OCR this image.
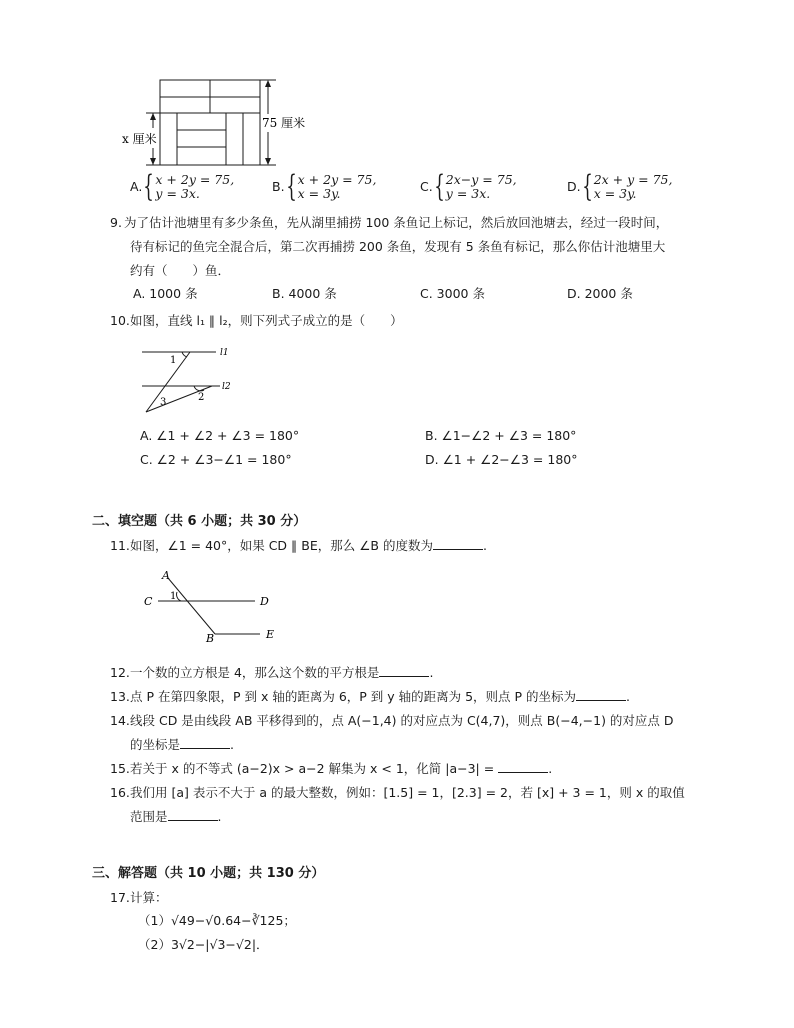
x 厘米
75 厘米
A. { x + 2y = 75,
y = 3x.	B. { x + 2y = 75,
x = 3y.	C. { 2x−y = 75,
y = 3x.	D. { 2x + y = 75,
x = 3y.
9. 为了估计池塘里有多少条鱼，先从湖里捕捞 100 条鱼记上标记，然后放回池塘去，经过一段时间，
待有标记的鱼完全混合后，第二次再捕捞 200 条鱼，发现有 5 条鱼有标记，那么你估计池塘里大
约有（　　）鱼．
A. 1000 条	B. 4000 条	C. 3000 条	D. 2000 条
10. 如图，直线 l₁ ∥ l₂，则下列式子成立的是（　　）
l1
l2
1
2
3
A. ∠1 + ∠2 + ∠3 = 180°	B. ∠1−∠2 + ∠3 = 180°
C. ∠2 + ∠3−∠1 = 180°	D. ∠1 + ∠2−∠3 = 180°
二、填空题（共 6 小题；共 30 分）
11. 如图，∠1 = 40°，如果 CD ∥ BE，那么 ∠B 的度数为	.
A
C	D
B	E
1
12. 一个数的立方根是 4，那么这个数的平方根是	.
13. 点 P 在第四象限，P 到 x 轴的距离为 6，P 到 y 轴的距离为 5，则点 P 的坐标为	.
14. 线段 CD 是由线段 AB 平移得到的，点 A(−1,4) 的对应点为 C(4,7)，则点 B(−4,−1) 的对应点 D
的坐标是	.
15. 若关于 x 的不等式 (a−2)x > a−2 解集为 x < 1，化简 |a−3| =	.
16. 我们用 [a] 表示不大于 a 的最大整数，例如：[1.5] = 1，[2.3] = 2，若 [x] + 3 = 1，则 x 的取值
范围是	.
三、解答题（共 10 小题；共 130 分）
17. 计算：
（1）√49−√0.64−∛125；
（2）3√2−|√3−√2|．
